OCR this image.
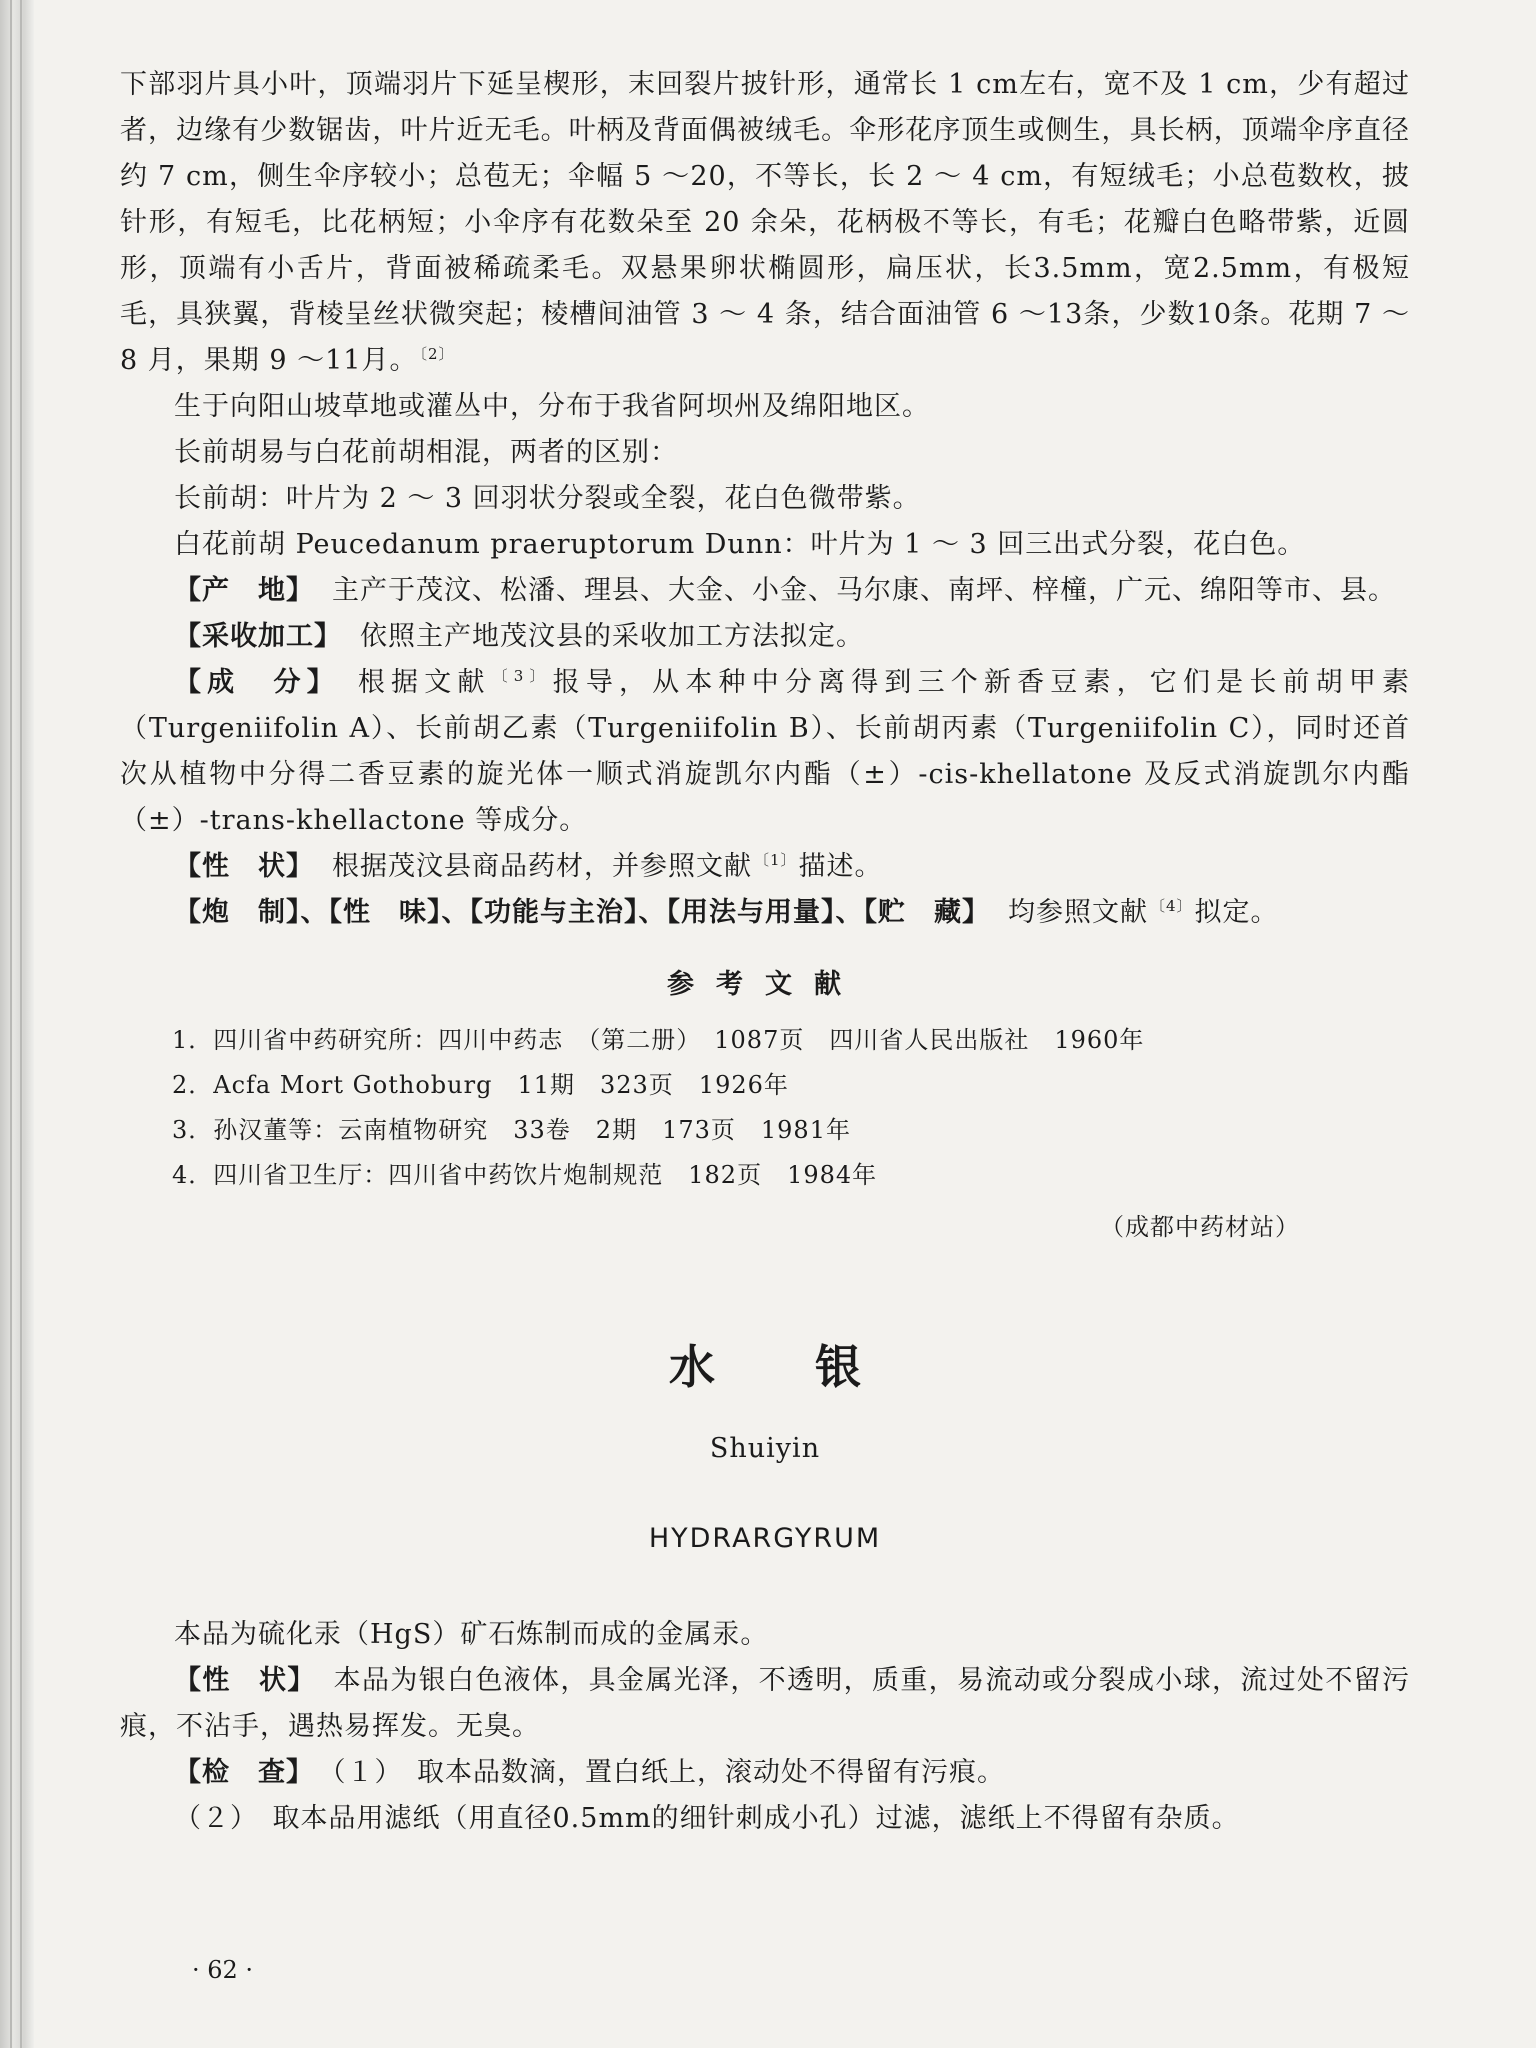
下部羽片具小叶，顶端羽片下延呈楔形，末回裂片披针形，通常长 1 cm左右，宽不及 1 cm，少有超过者，边缘有少数锯齿，叶片近无毛。叶柄及背面偶被绒毛。伞形花序顶生或侧生，具长柄，顶端伞序直径约 7 cm，侧生伞序较小；总苞无；伞幅 5 ～20，不等长，长 2 ～ 4 cm，有短绒毛；小总苞数枚，披针形，有短毛，比花柄短；小伞序有花数朵至 20 余朵，花柄极不等长，有毛；花瓣白色略带紫，近圆形，顶端有小舌片，背面被稀疏柔毛。双悬果卵状椭圆形，扁压状，长3.5mm，宽2.5mm，有极短毛，具狭翼，背棱呈丝状微突起；棱槽间油管 3 ～ 4 条，结合面油管 6 ～13条，少数10条。花期 7 ～ 8 月，果期 9 ～11月。 $^{〔2〕}$

生于向阳山坡草地或灌丛中，分布于我省阿坝州及绵阳地区。

长前胡易与白花前胡相混，两者的区别：

长前胡：叶片为 2 ～ 3 回羽状分裂或全裂，花白色微带紫。

白花前胡 Peucedanum praeruptorum Dunn：叶片为 1 ～ 3 回三出式分裂，花白色。

【产　地】 主产于茂汶、松潘、理县、大金、小金、马尔康、南坪、梓橦，广元、绵阳等市、县。

【采收加工】 依照主产地茂汶县的采收加工方法拟定。

【成　分】 根据文献 $^{〔3〕}$报导，从本种中分离得到三个新香豆素，它们是长前胡甲素（Turgeniifolin A）、长前胡乙素（Turgeniifolin B）、长前胡丙素（Turgeniifolin C），同时还首次从植物中分得二香豆素的旋光体一顺式消旋凯尔内酯（±）-cis-khellatone 及反式消旋凯尔内酯（±）-trans-khellactone 等成分。

【性　状】 根据茂汶县商品药材，并参照文献 $^{〔1〕}$描述。

【炮　制】、【性　味】、【功能与主治】、【用法与用量】、【贮　藏】 均参照文献 $^{〔4〕}$拟定。

参考文献
1．四川省中药研究所：四川中药志　（第二册）　1087页　四川省人民出版社　1960年
2．Acfa Mort Gothoburg　11期　323页　1926年
3．孙汉董等：云南植物研究　33卷　2期　173页　1981年
4．四川省卫生厅：四川省中药饮片炮制规范　182页　1984年
（成都中药材站）
水银
Shuiyin
HYDRARGYRUM

本品为硫化汞（HgS）矿石炼制而成的金属汞。

【性　状】 本品为银白色液体，具金属光泽，不透明，质重，易流动或分裂成小球，流过处不留污痕，不沾手，遇热易挥发。无臭。

【检　查】 （１）　取本品数滴，置白纸上，滚动处不得留有污痕。

（２）　取本品用滤纸（用直径0.5mm的细针刺成小孔）过滤，滤纸上不得留有杂质。

· 62 ·
